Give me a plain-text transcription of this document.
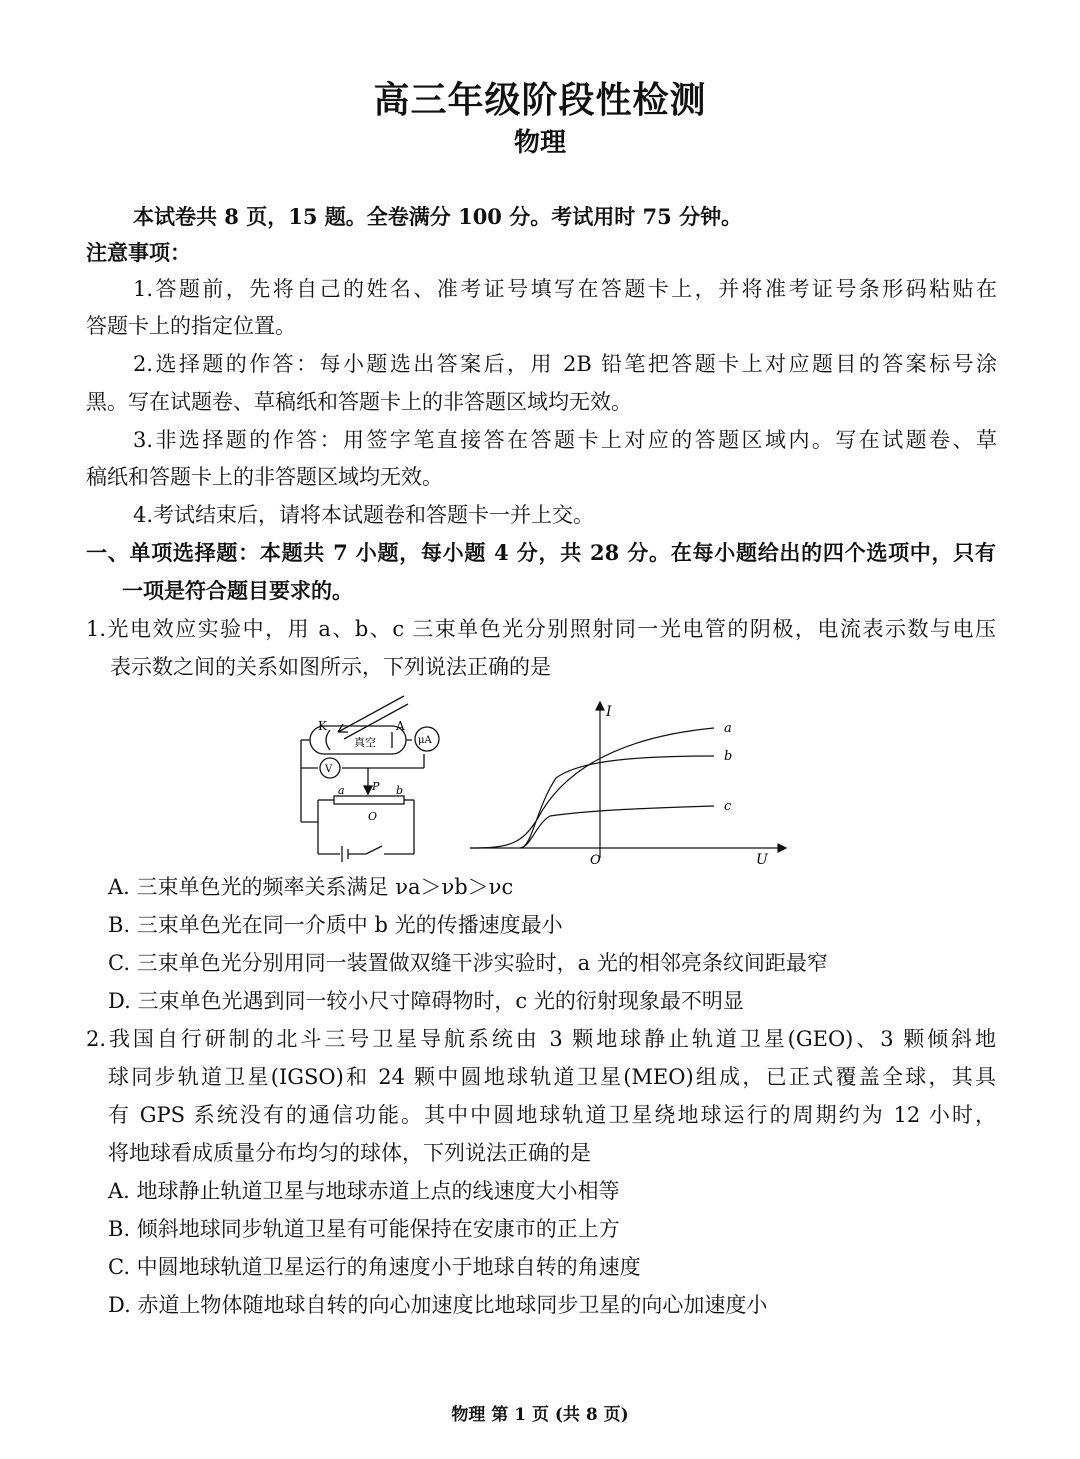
高三年级阶段性检测
物理
本试卷共 8 页，15 题。全卷满分 100 分。考试用时 75 分钟。
注意事项：
1.答题前，先将自己的姓名、准考证号填写在答题卡上，并将准考证号条形码粘贴在
答题卡上的指定位置。
2.选择题的作答：每小题选出答案后，用 2B 铅笔把答题卡上对应题目的答案标号涂
黑。写在试题卷、草稿纸和答题卡上的非答题区域均无效。
3.非选择题的作答：用签字笔直接答在答题卡上对应的答题区域内。写在试题卷、草
稿纸和答题卡上的非答题区域均无效。
4.考试结束后，请将本试题卷和答题卡一并上交。
一、单项选择题：本题共 7 小题，每小题 4 分，共 28 分。在每小题给出的四个选项中，只有
一项是符合题目要求的。
1.光电效应实验中，用 a、b、c 三束单色光分别照射同一光电管的阴极，电流表示数与电压
表示数之间的关系如图所示，下列说法正确的是
K	A
真空
V
P
a	b
O
μA
I
U
O
a
b
c
A. 三束单色光的频率关系满足 νa＞νb＞νc
B. 三束单色光在同一介质中 b 光的传播速度最小
C. 三束单色光分别用同一装置做双缝干涉实验时，a 光的相邻亮条纹间距最窄
D. 三束单色光遇到同一较小尺寸障碍物时，c 光的衍射现象最不明显
2.我国自行研制的北斗三号卫星导航系统由 3 颗地球静止轨道卫星(GEO)、3 颗倾斜地
球同步轨道卫星(IGSO)和 24 颗中圆地球轨道卫星(MEO)组成，已正式覆盖全球，其具
有 GPS 系统没有的通信功能。其中中圆地球轨道卫星绕地球运行的周期约为 12 小时，
将地球看成质量分布均匀的球体，下列说法正确的是
A. 地球静止轨道卫星与地球赤道上点的线速度大小相等
B. 倾斜地球同步轨道卫星有可能保持在安康市的正上方
C. 中圆地球轨道卫星运行的角速度小于地球自转的角速度
D. 赤道上物体随地球自转的向心加速度比地球同步卫星的向心加速度小
物理 第 1 页 (共 8 页)
